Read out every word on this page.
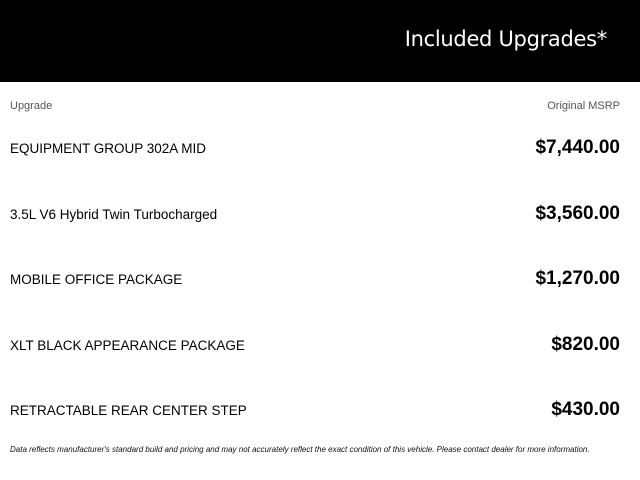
Included Upgrades*
Upgrade	Original MSRP
EQUIPMENT GROUP 302A MID	$7,440.00
3.5L V6 Hybrid Twin Turbocharged	$3,560.00
MOBILE OFFICE PACKAGE	$1,270.00
XLT BLACK APPEARANCE PACKAGE	$820.00
RETRACTABLE REAR CENTER STEP	$430.00
Data reflects manufacturer's standard build and pricing and may not accurately reflect the exact condition of this vehicle. Please contact dealer for more information.
